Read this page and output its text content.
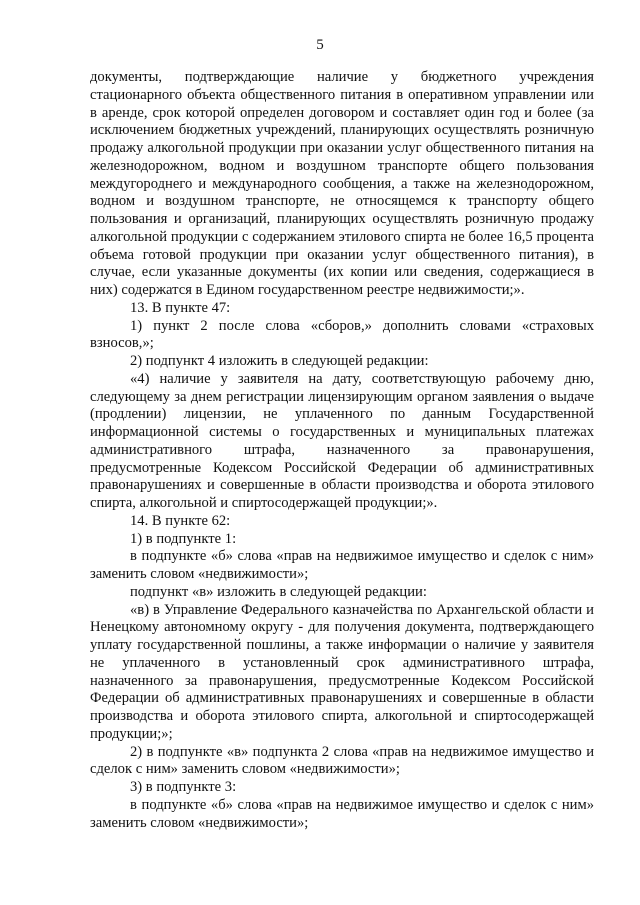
5

документы, подтверждающие наличие у бюджетного учреждения стационарного объекта общественного питания в оперативном управлении или в аренде, срок которой определен договором и составляет один год и более (за исключением бюджетных учреждений, планирующих осуществлять розничную продажу алкогольной продукции при оказании услуг общественного питания на железнодорожном, водном и воздушном транспорте общего пользования междугороднего и международного сообщения, а также на железнодорожном, водном и воздушном транспорте, не относящемся к транспорту общего пользования и организаций, планирующих осуществлять розничную продажу алкогольной продукции с содержанием этилового спирта не более 16,5 процента объема готовой продукции при оказании услуг общественного питания), в случае, если указанные документы (их копии или сведения, содержащиеся в них) содержатся в Едином государственном реестре недвижимости;».

13. В пункте 47:

1) пункт 2 после слова «сборов,» дополнить словами «страховых взносов,»;

2) подпункт 4 изложить в следующей редакции:

«4) наличие у заявителя на дату, соответствующую рабочему дню, следующему за днем регистрации лицензирующим органом заявления о выдаче (продлении) лицензии, не уплаченного по данным Государственной информационной системы о государственных и муниципальных платежах административного штрафа, назначенного за правонарушения, предусмотренные Кодексом Российской Федерации об административных правонарушениях и совершенные в области производства и оборота этилового спирта, алкогольной и спиртосодержащей продукции;».

14. В пункте 62:

1) в подпункте 1:

в подпункте «б» слова «прав на недвижимое имущество и сделок с ним» заменить словом «недвижимости»;

подпункт «в» изложить в следующей редакции:

«в) в Управление Федерального казначейства по Архангельской области и Ненецкому автономному округу - для получения документа, подтверждающего уплату государственной пошлины, а также информации о наличие у заявителя не уплаченного в установленный срок административного штрафа, назначенного за правонарушения, предусмотренные Кодексом Российской Федерации об административных правонарушениях и совершенные в области производства и оборота этилового спирта, алкогольной и спиртосодержащей продукции;»;

2) в подпункте «в» подпункта 2 слова «прав на недвижимое имущество и сделок с ним» заменить словом «недвижимости»;

3) в подпункте 3:

в подпункте «б» слова «прав на недвижимое имущество и сделок с ним» заменить словом «недвижимости»;
